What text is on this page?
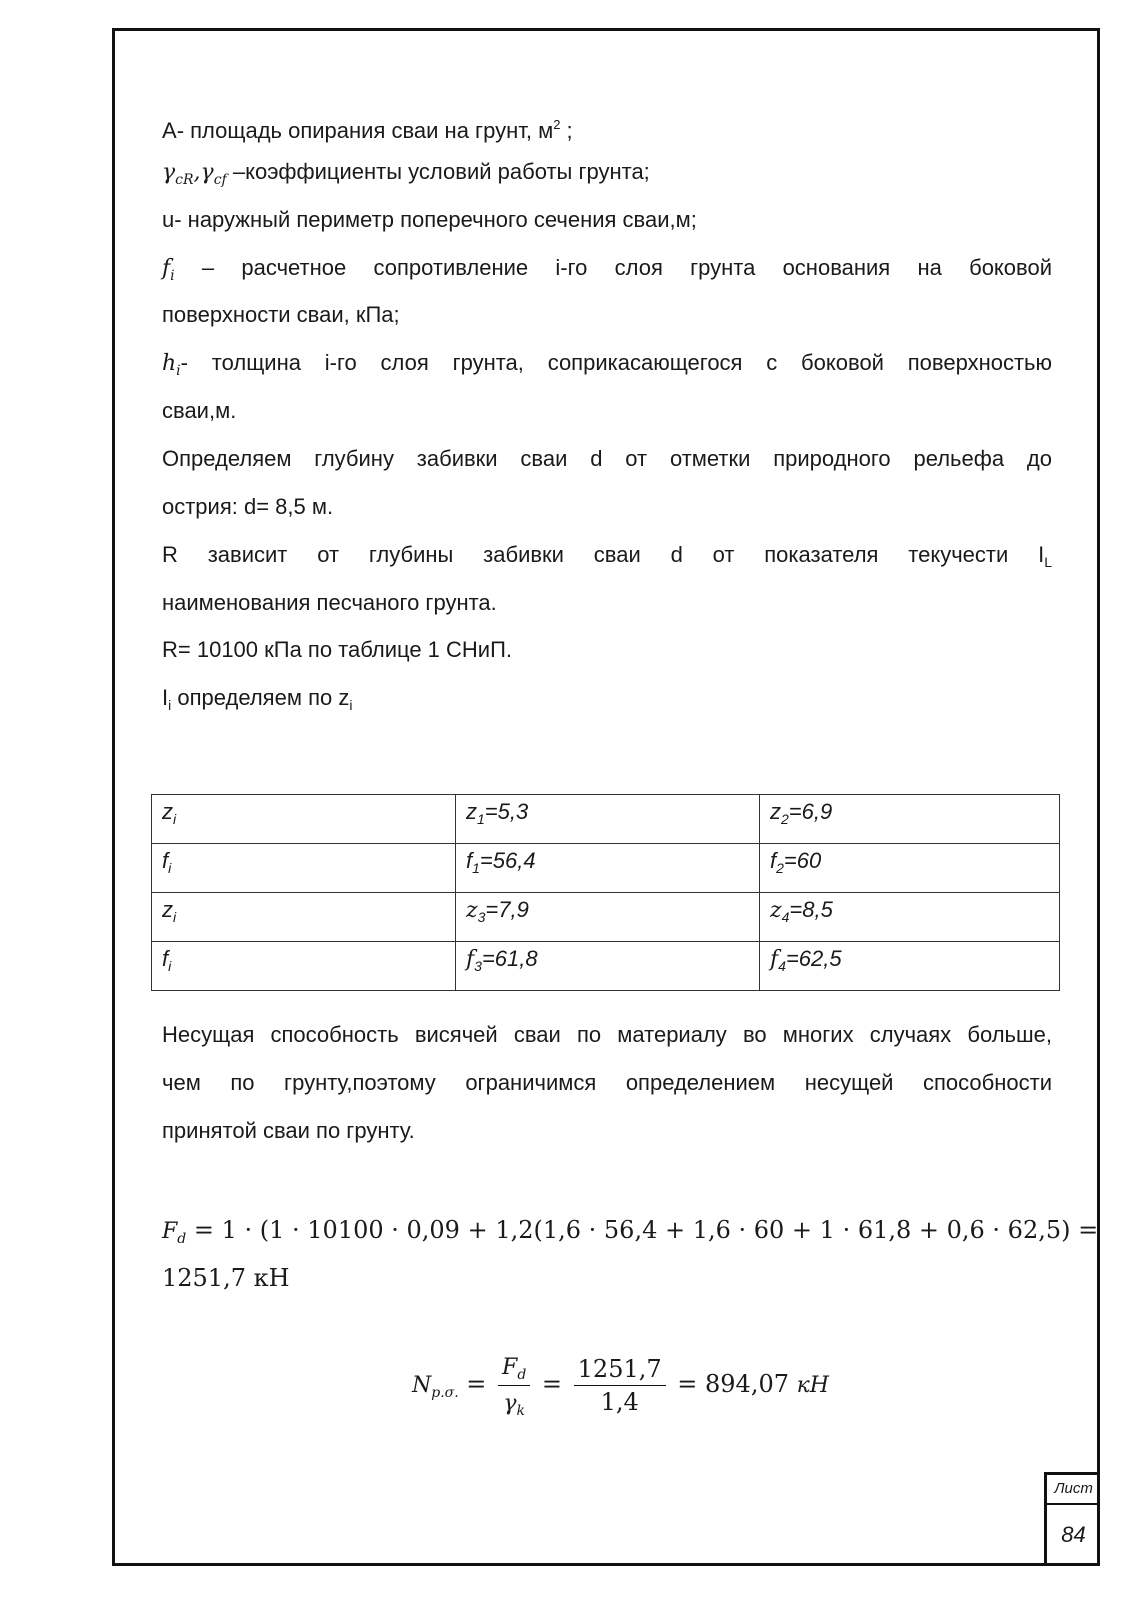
A- площадь опирания сваи на грунт, $м^2$ ;
$\gamma_{cR},\gamma_{cf}$ –коэффициенты условий работы грунта;
u- наружный периметр поперечного сечения сваи,м;
$f_i$ – расчетное сопротивление i-го слоя грунта основания на боковой
поверхности сваи, кПа;
$h_i-$ толщина i-го слоя грунта, соприкасающегося с боковой поверхностью
сваи,м.
Определяем глубину забивки сваи d от отметки природного рельефа до
острия: d= 8,5 м.
R зависит от глубины забивки сваи d от показателя текучести $I_L$
наименования песчаного грунта.
R= 10100 кПа по таблице 1 СНиП.
$I_i$ определяем по $z_i$
Несущая способность висячей сваи по материалу во многих случаях больше,
чем по грунту,поэтому ограничимся определением несущей способности
принятой сваи по грунту.
$z_i$	$z_1=5,3$	$z_2=6,9$
$f_i$	$f_1=56,4$	$f_2=60$
$z_i$	$z_3=7,9$	$z_4=8,5$
$f_i$	$f_3=61,8$	$f_4=62,5$
$F_d = 1 \cdot (1 \cdot 10100 \cdot 0,09 + 1,2(1,6 \cdot 56,4 + 1,6 \cdot 60 + 1 \cdot 61,8 + 0,6 \cdot 62,5)$ =
1251,7 кН
$N_{р.\sigma.} = \frac{F_d}{\gamma_k} = \frac{1251,7}{1,4} = 894,07$ кН
Лист
84
